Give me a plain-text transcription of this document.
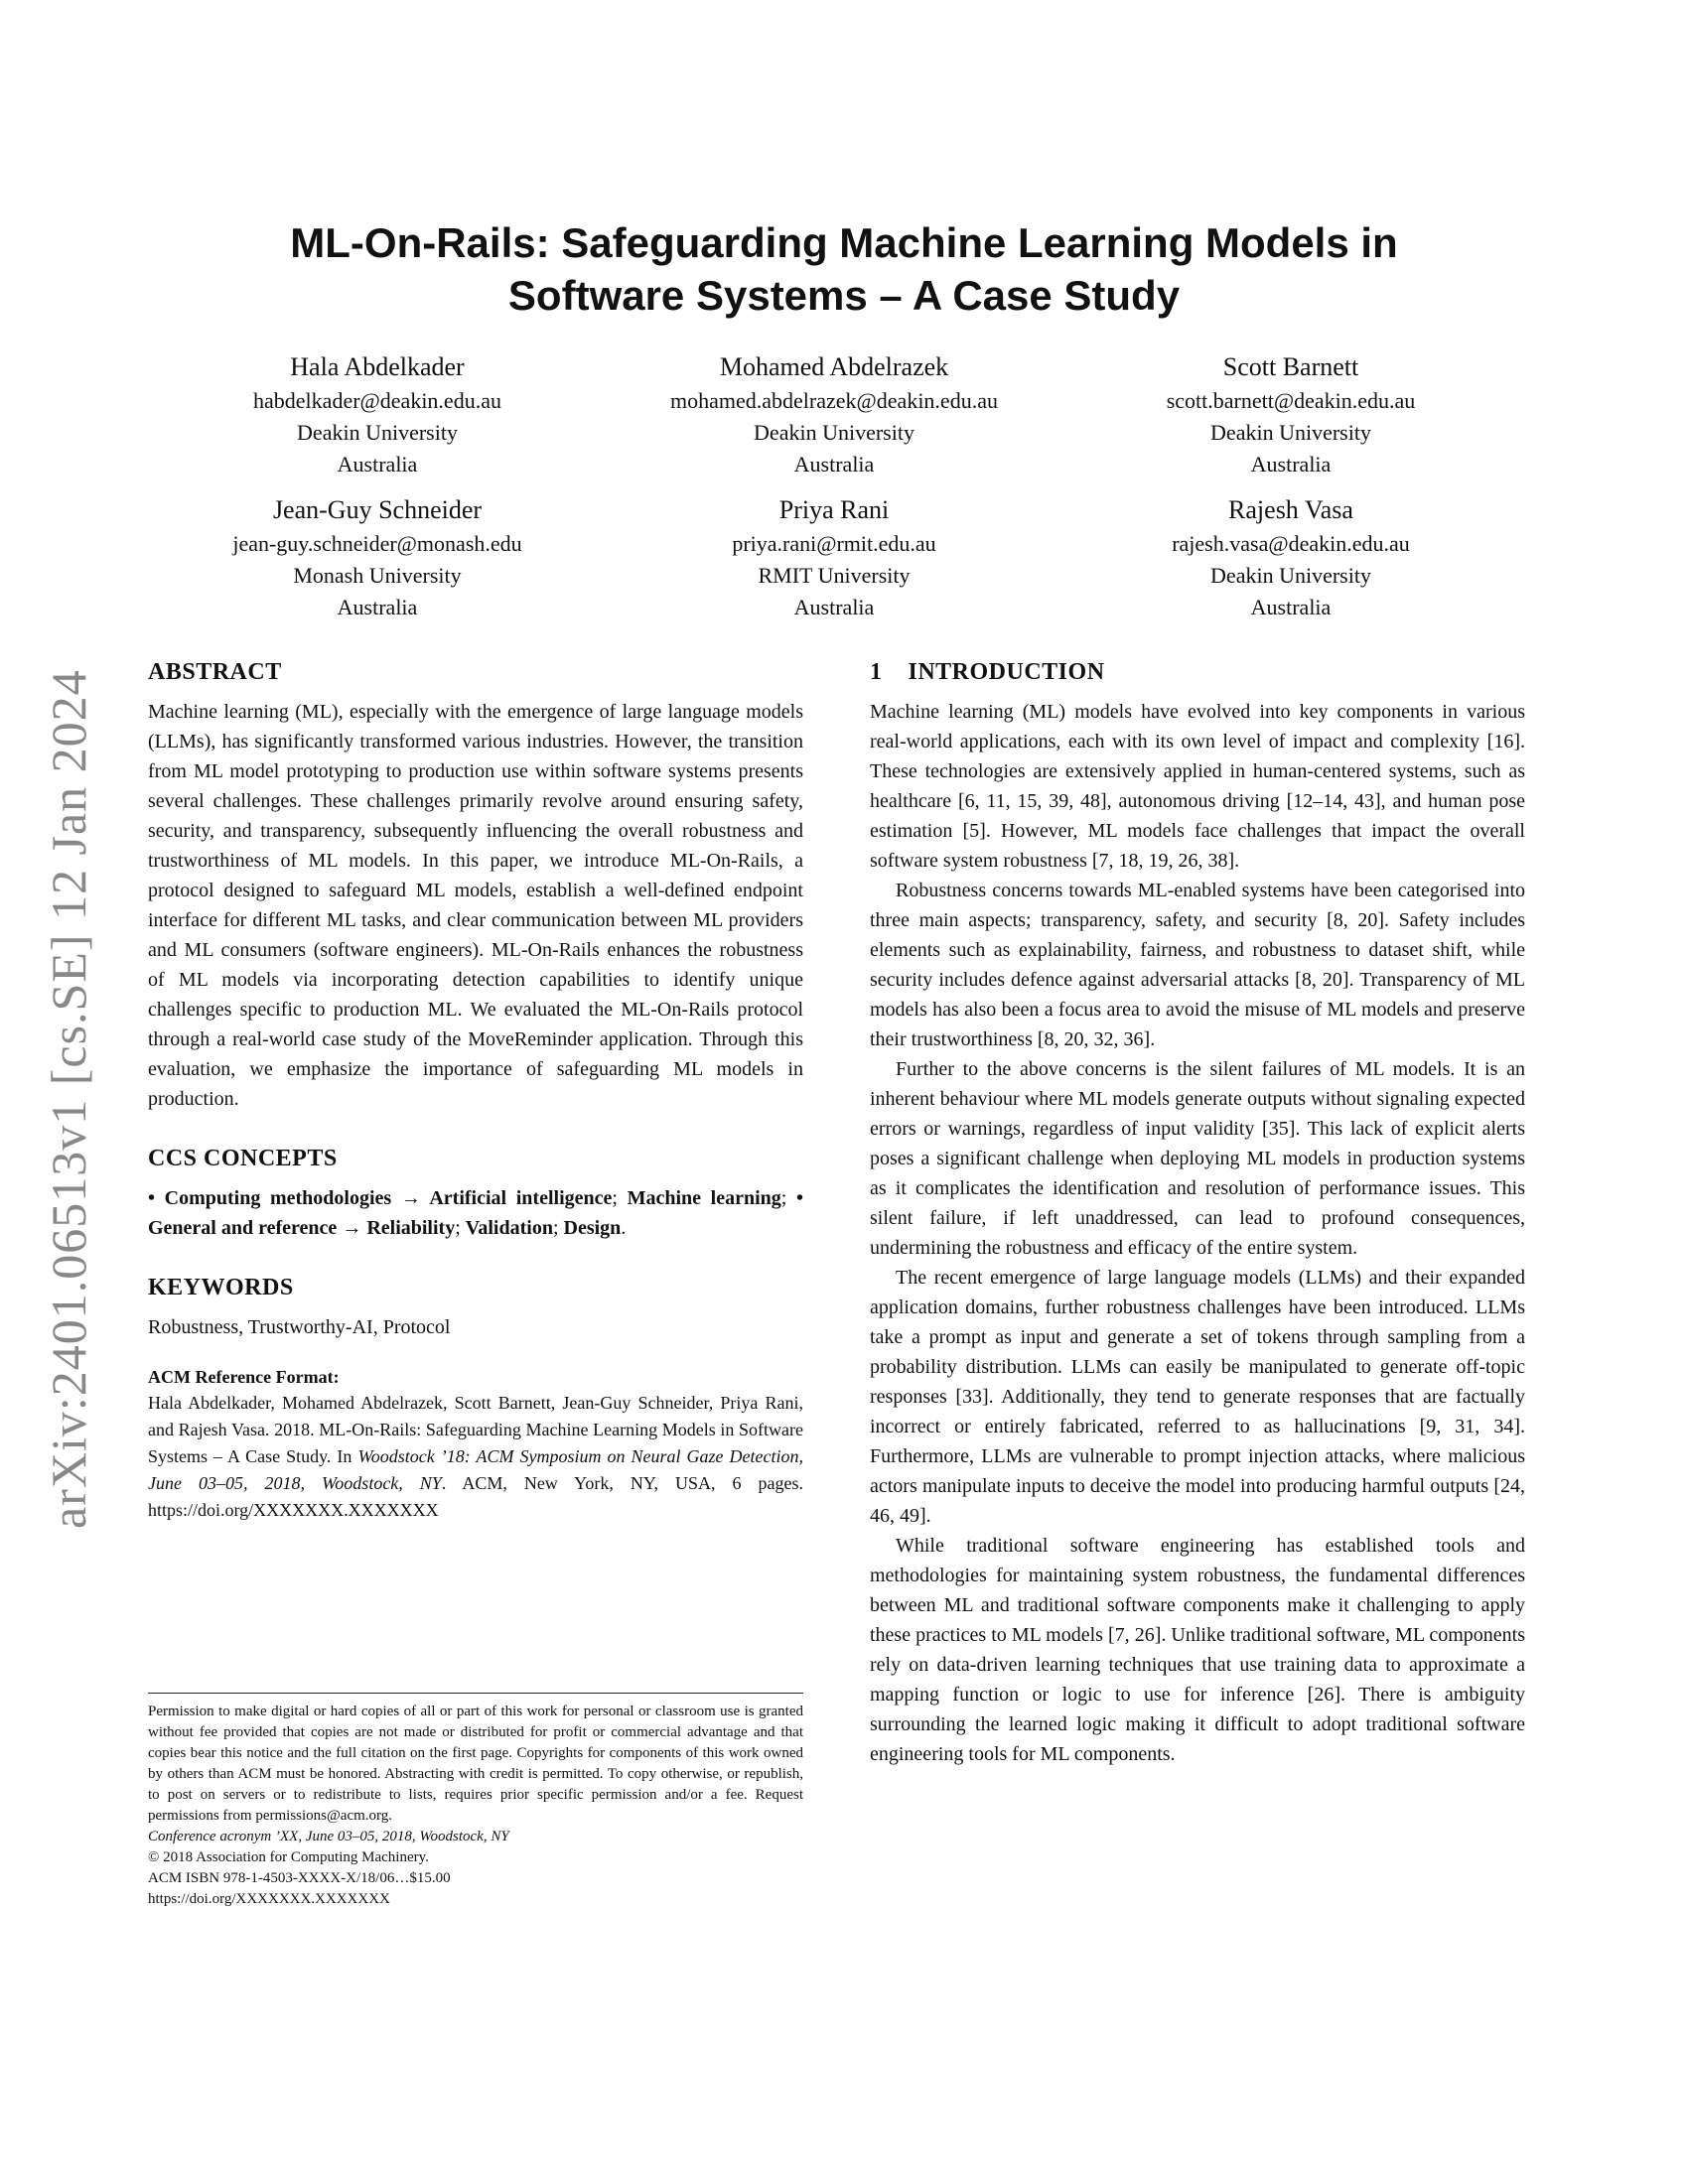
ML-On-Rails: Safeguarding Machine Learning Models in
Software Systems – A Case Study
Hala Abdelkader
habdelkader@deakin.edu.au
Deakin University
Australia
Mohamed Abdelrazek
mohamed.abdelrazek@deakin.edu.au
Deakin University
Australia
Scott Barnett
scott.barnett@deakin.edu.au
Deakin University
Australia
Jean-Guy Schneider
jean-guy.schneider@monash.edu
Monash University
Australia
Priya Rani
priya.rani@rmit.edu.au
RMIT University
Australia
Rajesh Vasa
rajesh.vasa@deakin.edu.au
Deakin University
Australia
arXiv:2401.06513v1 [cs.SE] 12 Jan 2024 ABSTRACT

Machine learning (ML), especially with the emergence of large language models (LLMs), has significantly transformed various industries. However, the transition from ML model prototyping to production use within software systems presents several challenges. These challenges primarily revolve around ensuring safety, security, and transparency, subsequently influencing the overall robustness and trustworthiness of ML models. In this paper, we introduce ML-On-Rails, a protocol designed to safeguard ML models, establish a well-defined endpoint interface for different ML tasks, and clear communication between ML providers and ML consumers (software engineers). ML-On-Rails enhances the robustness of ML models via incorporating detection capabilities to identify unique challenges specific to production ML. We evaluated the ML-On-Rails protocol through a real-world case study of the MoveReminder application. Through this evaluation, we emphasize the importance of safeguarding ML models in production.

CCS CONCEPTS

• Computing methodologies → Artificial intelligence; Machine learning; • General and reference → Reliability; Validation; Design.

KEYWORDS

Robustness, Trustworthy-AI, Protocol

ACM Reference Format:

Hala Abdelkader, Mohamed Abdelrazek, Scott Barnett, Jean-Guy Schneider, Priya Rani, and Rajesh Vasa. 2018. ML-On-Rails: Safeguarding Machine Learning Models in Software Systems – A Case Study. In Woodstock ’18: ACM Symposium on Neural Gaze Detection, June 03–05, 2018, Woodstock, NY. ACM, New York, NY, USA, 6 pages. https://doi.org/XXXXXXX.XXXXXXX

Permission to make digital or hard copies of all or part of this work for personal or classroom use is granted without fee provided that copies are not made or distributed for profit or commercial advantage and that copies bear this notice and the full citation on the first page. Copyrights for components of this work owned by others than ACM must be honored. Abstracting with credit is permitted. To copy otherwise, or republish, to post on servers or to redistribute to lists, requires prior specific permission and/or a fee. Request permissions from permissions@acm.org.

Conference acronym ’XX, June 03–05, 2018, Woodstock, NY
© 2018 Association for Computing Machinery.
ACM ISBN 978-1-4503-XXXX-X/18/06…$15.00
https://doi.org/XXXXXXX.XXXXXXX
1    INTRODUCTION

Machine learning (ML) models have evolved into key components in various real-world applications, each with its own level of impact and complexity [16]. These technologies are extensively applied in human-centered systems, such as healthcare [6, 11, 15, 39, 48], autonomous driving [12–14, 43], and human pose estimation [5]. However, ML models face challenges that impact the overall software system robustness [7, 18, 19, 26, 38].

Robustness concerns towards ML-enabled systems have been categorised into three main aspects; transparency, safety, and security [8, 20]. Safety includes elements such as explainability, fairness, and robustness to dataset shift, while security includes defence against adversarial attacks [8, 20]. Transparency of ML models has also been a focus area to avoid the misuse of ML models and preserve their trustworthiness [8, 20, 32, 36].

Further to the above concerns is the silent failures of ML models. It is an inherent behaviour where ML models generate outputs without signaling expected errors or warnings, regardless of input validity [35]. This lack of explicit alerts poses a significant challenge when deploying ML models in production systems as it complicates the identification and resolution of performance issues. This silent failure, if left unaddressed, can lead to profound consequences, undermining the robustness and efficacy of the entire system.

The recent emergence of large language models (LLMs) and their expanded application domains, further robustness challenges have been introduced. LLMs take a prompt as input and generate a set of tokens through sampling from a probability distribution. LLMs can easily be manipulated to generate off-topic responses [33]. Additionally, they tend to generate responses that are factually incorrect or entirely fabricated, referred to as hallucinations [9, 31, 34]. Furthermore, LLMs are vulnerable to prompt injection attacks, where malicious actors manipulate inputs to deceive the model into producing harmful outputs [24, 46, 49].

While traditional software engineering has established tools and methodologies for maintaining system robustness, the fundamental differences between ML and traditional software components make it challenging to apply these practices to ML models [7, 26]. Unlike traditional software, ML components rely on data-driven learning techniques that use training data to approximate a mapping function or logic to use for inference [26]. There is ambiguity surrounding the learned logic making it difficult to adopt traditional software engineering tools for ML components.
